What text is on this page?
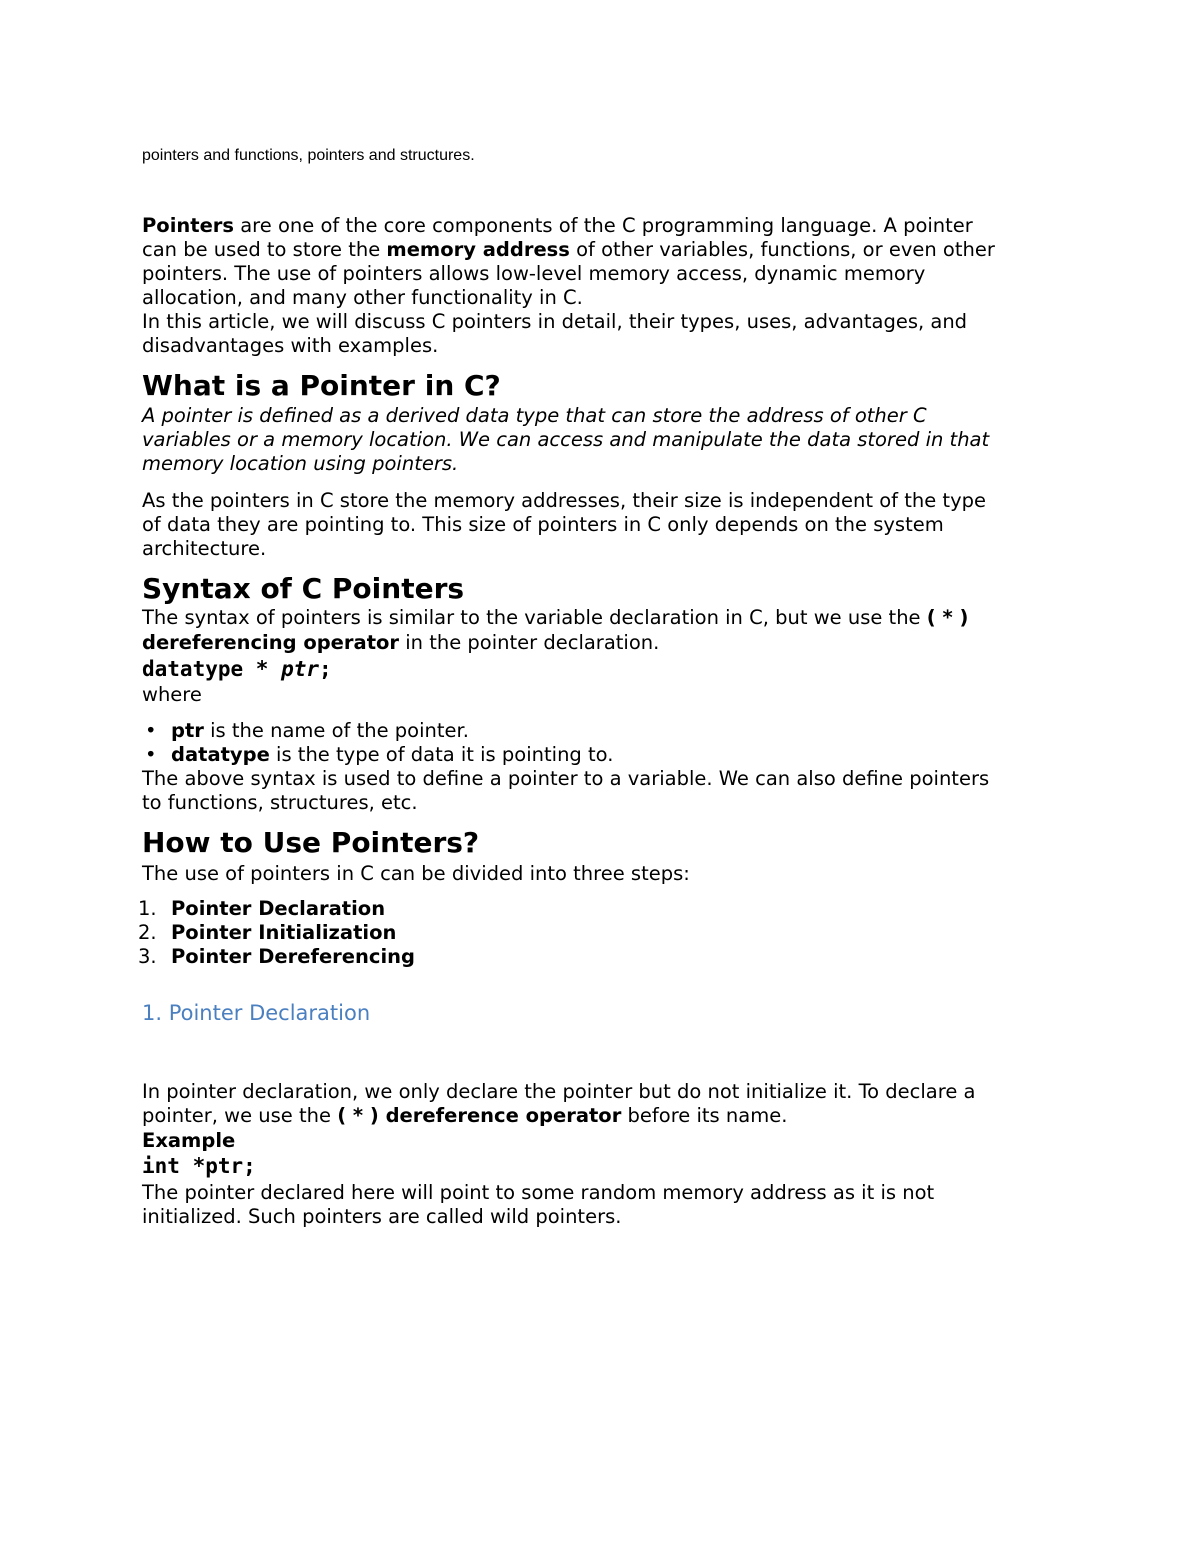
pointers and functions, pointers and structures.

Pointers are one of the core components of the C programming language. A pointer

can be used to store the memory address of other variables, functions, or even other

pointers. The use of pointers allows low-level memory access, dynamic memory

allocation, and many other functionality in C.

In this article, we will discuss C pointers in detail, their types, uses, advantages, and

disadvantages with examples.

What is a Pointer in C?

A pointer is defined as a derived data type that can store the address of other C

variables or a memory location. We can access and manipulate the data stored in that

memory location using pointers.

As the pointers in C store the memory addresses, their size is independent of the type

of data they are pointing to. This size of pointers in C only depends on the system

architecture.

Syntax of C Pointers

The syntax of pointers is similar to the variable declaration in C, but we use the ( * )

dereferencing operator in the pointer declaration.

datatype * ptr;

where

• ptr is the name of the pointer.

• datatype is the type of data it is pointing to.

The above syntax is used to define a pointer to a variable. We can also define pointers

to functions, structures, etc.

How to Use Pointers?

The use of pointers in C can be divided into three steps:

1. Pointer Declaration

2. Pointer Initialization

3. Pointer Dereferencing

1. Pointer Declaration

In pointer declaration, we only declare the pointer but do not initialize it. To declare a

pointer, we use the ( * ) dereference operator before its name.

Example

int *ptr;

The pointer declared here will point to some random memory address as it is not

initialized. Such pointers are called wild pointers.
